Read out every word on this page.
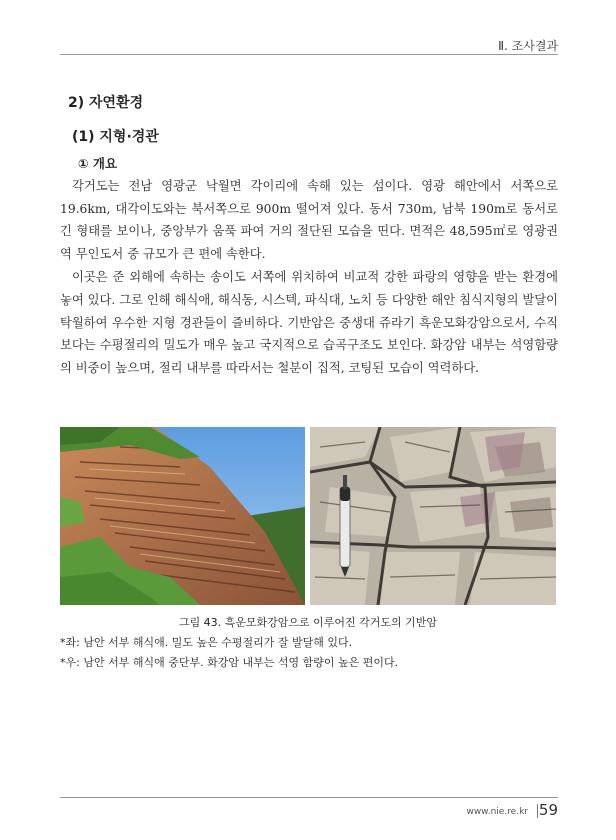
Ⅱ. 조사결과
2) 자연환경
(1) 지형·경관
① 개요

각거도는 전남 영광군 낙월면 각이리에 속해 있는 섬이다. 영광 해안에서 서쪽으로 19.6km, 대각이도와는 북서쪽으로 900m 떨어져 있다. 동서 730m, 남북 190m로 동서로 긴 형태를 보이나, 중앙부가 움푹 파여 거의 절단된 모습을 띤다. 면적은 48,595㎡로 영광권역 무인도서 중 규모가 큰 편에 속한다.

이곳은 준 외해에 속하는 송이도 서쪽에 위치하여 비교적 강한 파랑의 영향을 받는 환경에 놓여 있다. 그로 인해 해식애, 해식동, 시스텍, 파식대, 노치 등 다양한 해안 침식지형의 발달이 탁월하여 우수한 지형 경관들이 즐비하다. 기반암은 중생대 쥬라기 흑운모화강암으로서, 수직보다는 수평절리의 밀도가 매우 높고 국지적으로 습곡구조도 보인다. 화강암 내부는 석영함량의 비중이 높으며, 절리 내부를 따라서는 철분이 집적, 코팅된 모습이 역력하다.

그림 43. 흑운모화강암으로 이루어진 각거도의 기반암
*좌: 남안 서부 해식애. 밀도 높은 수평절리가 잘 발달해 있다.
*우: 남안 서부 해식애 중단부. 화강암 내부는 석영 함량이 높은 편이다.
www.nie.re.kr 59
